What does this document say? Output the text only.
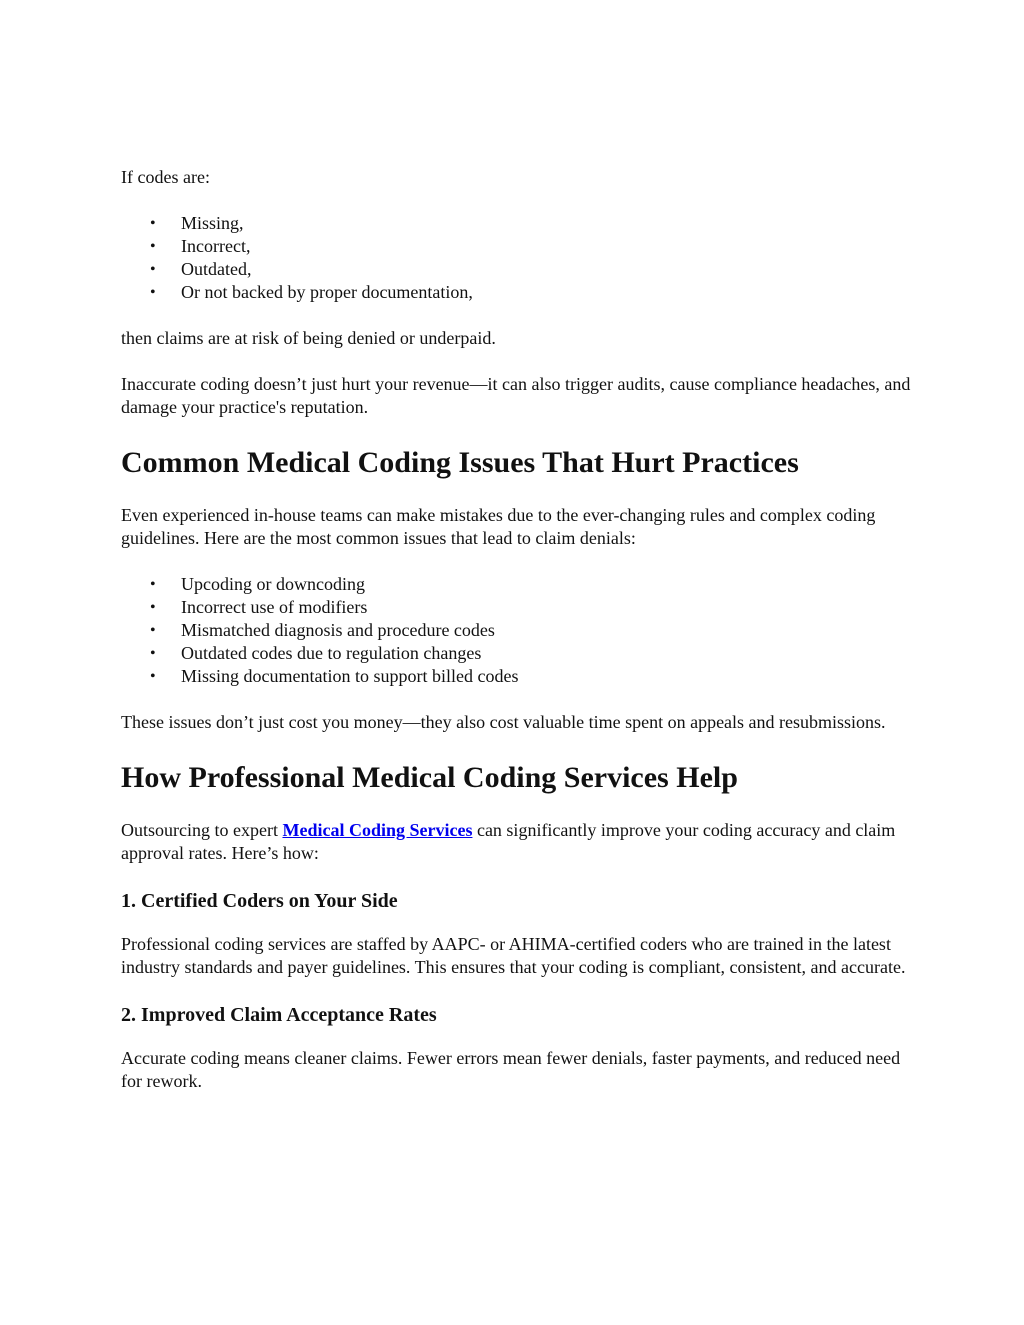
If codes are:

• Missing,
• Incorrect,
• Outdated,
• Or not backed by proper documentation,

then claims are at risk of being denied or underpaid.

Inaccurate coding doesn’t just hurt your revenue—it can also trigger audits, cause compliance headaches, and damage your practice's reputation.

Common Medical Coding Issues That Hurt Practices

Even experienced in-house teams can make mistakes due to the ever-changing rules and complex coding guidelines. Here are the most common issues that lead to claim denials:

• Upcoding or downcoding
• Incorrect use of modifiers
• Mismatched diagnosis and procedure codes
• Outdated codes due to regulation changes
• Missing documentation to support billed codes

These issues don’t just cost you money—they also cost valuable time spent on appeals and resubmissions.

How Professional Medical Coding Services Help

Outsourcing to expert Medical Coding Services can significantly improve your coding accuracy and claim approval rates. Here’s how:

1. Certified Coders on Your Side

Professional coding services are staffed by AAPC- or AHIMA-certified coders who are trained in the latest industry standards and payer guidelines. This ensures that your coding is compliant, consistent, and accurate.

2. Improved Claim Acceptance Rates

Accurate coding means cleaner claims. Fewer errors mean fewer denials, faster payments, and reduced need for rework.
